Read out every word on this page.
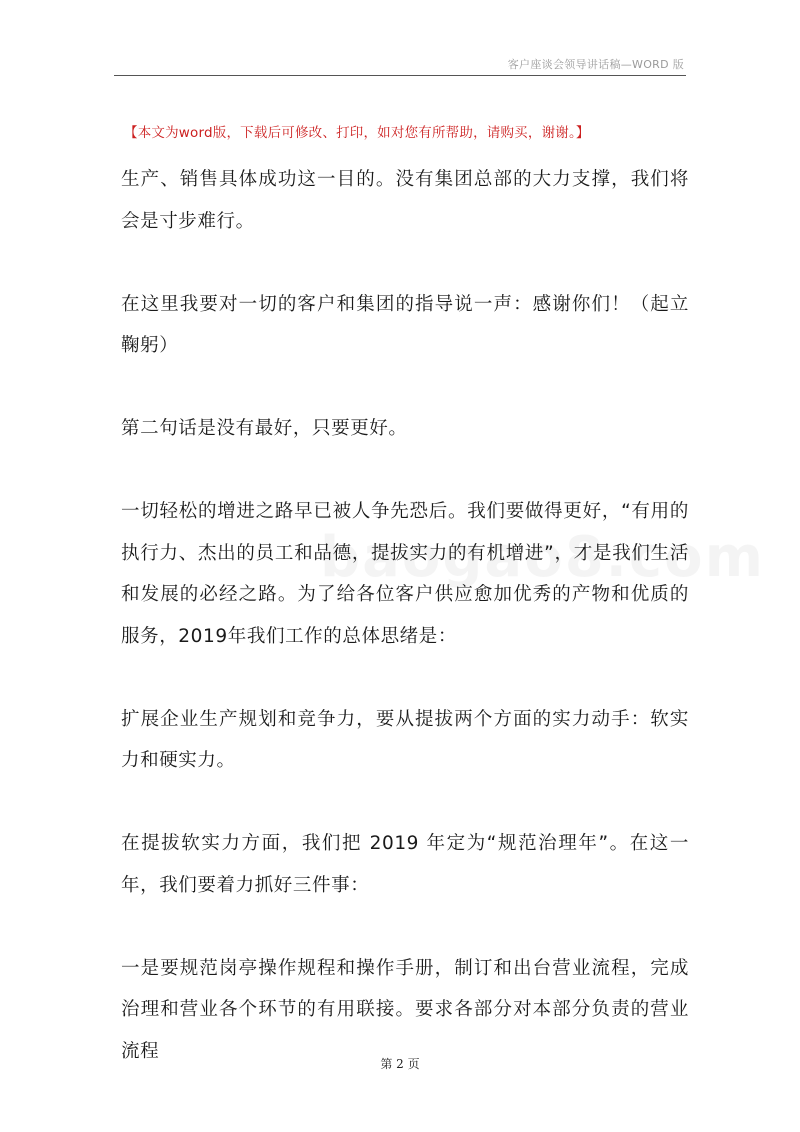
客户座谈会领导讲话稿—WORD 版
【本文为word版，下载后可修改、打印，如对您有所帮助，请购买，谢谢。】

生产、销售具体成功这一目的。没有集团总部的大力支撑，我们将会是寸步难行。

在这里我要对一切的客户和集团的指导说一声：感谢你们！（起立鞠躬）

第二句话是没有最好，只要更好。

一切轻松的增进之路早已被人争先恐后。我们要做得更好，“有用的执行力、杰出的员工和品德，提拔实力的有机增进”，才是我们生活和发展的必经之路。为了给各位客户供应愈加优秀的产物和优质的服务，2019年我们工作的总体思绪是：

扩展企业生产规划和竞争力，要从提拔两个方面的实力动手：软实力和硬实力。

在提拔软实力方面，我们把 2019 年定为“规范治理年”。在这一年，我们要着力抓好三件事：

一是要规范岗亭操作规程和操作手册，制订和出台营业流程，完成治理和营业各个环节的有用联接。要求各部分对本部分负责的营业流程

第 2 页
